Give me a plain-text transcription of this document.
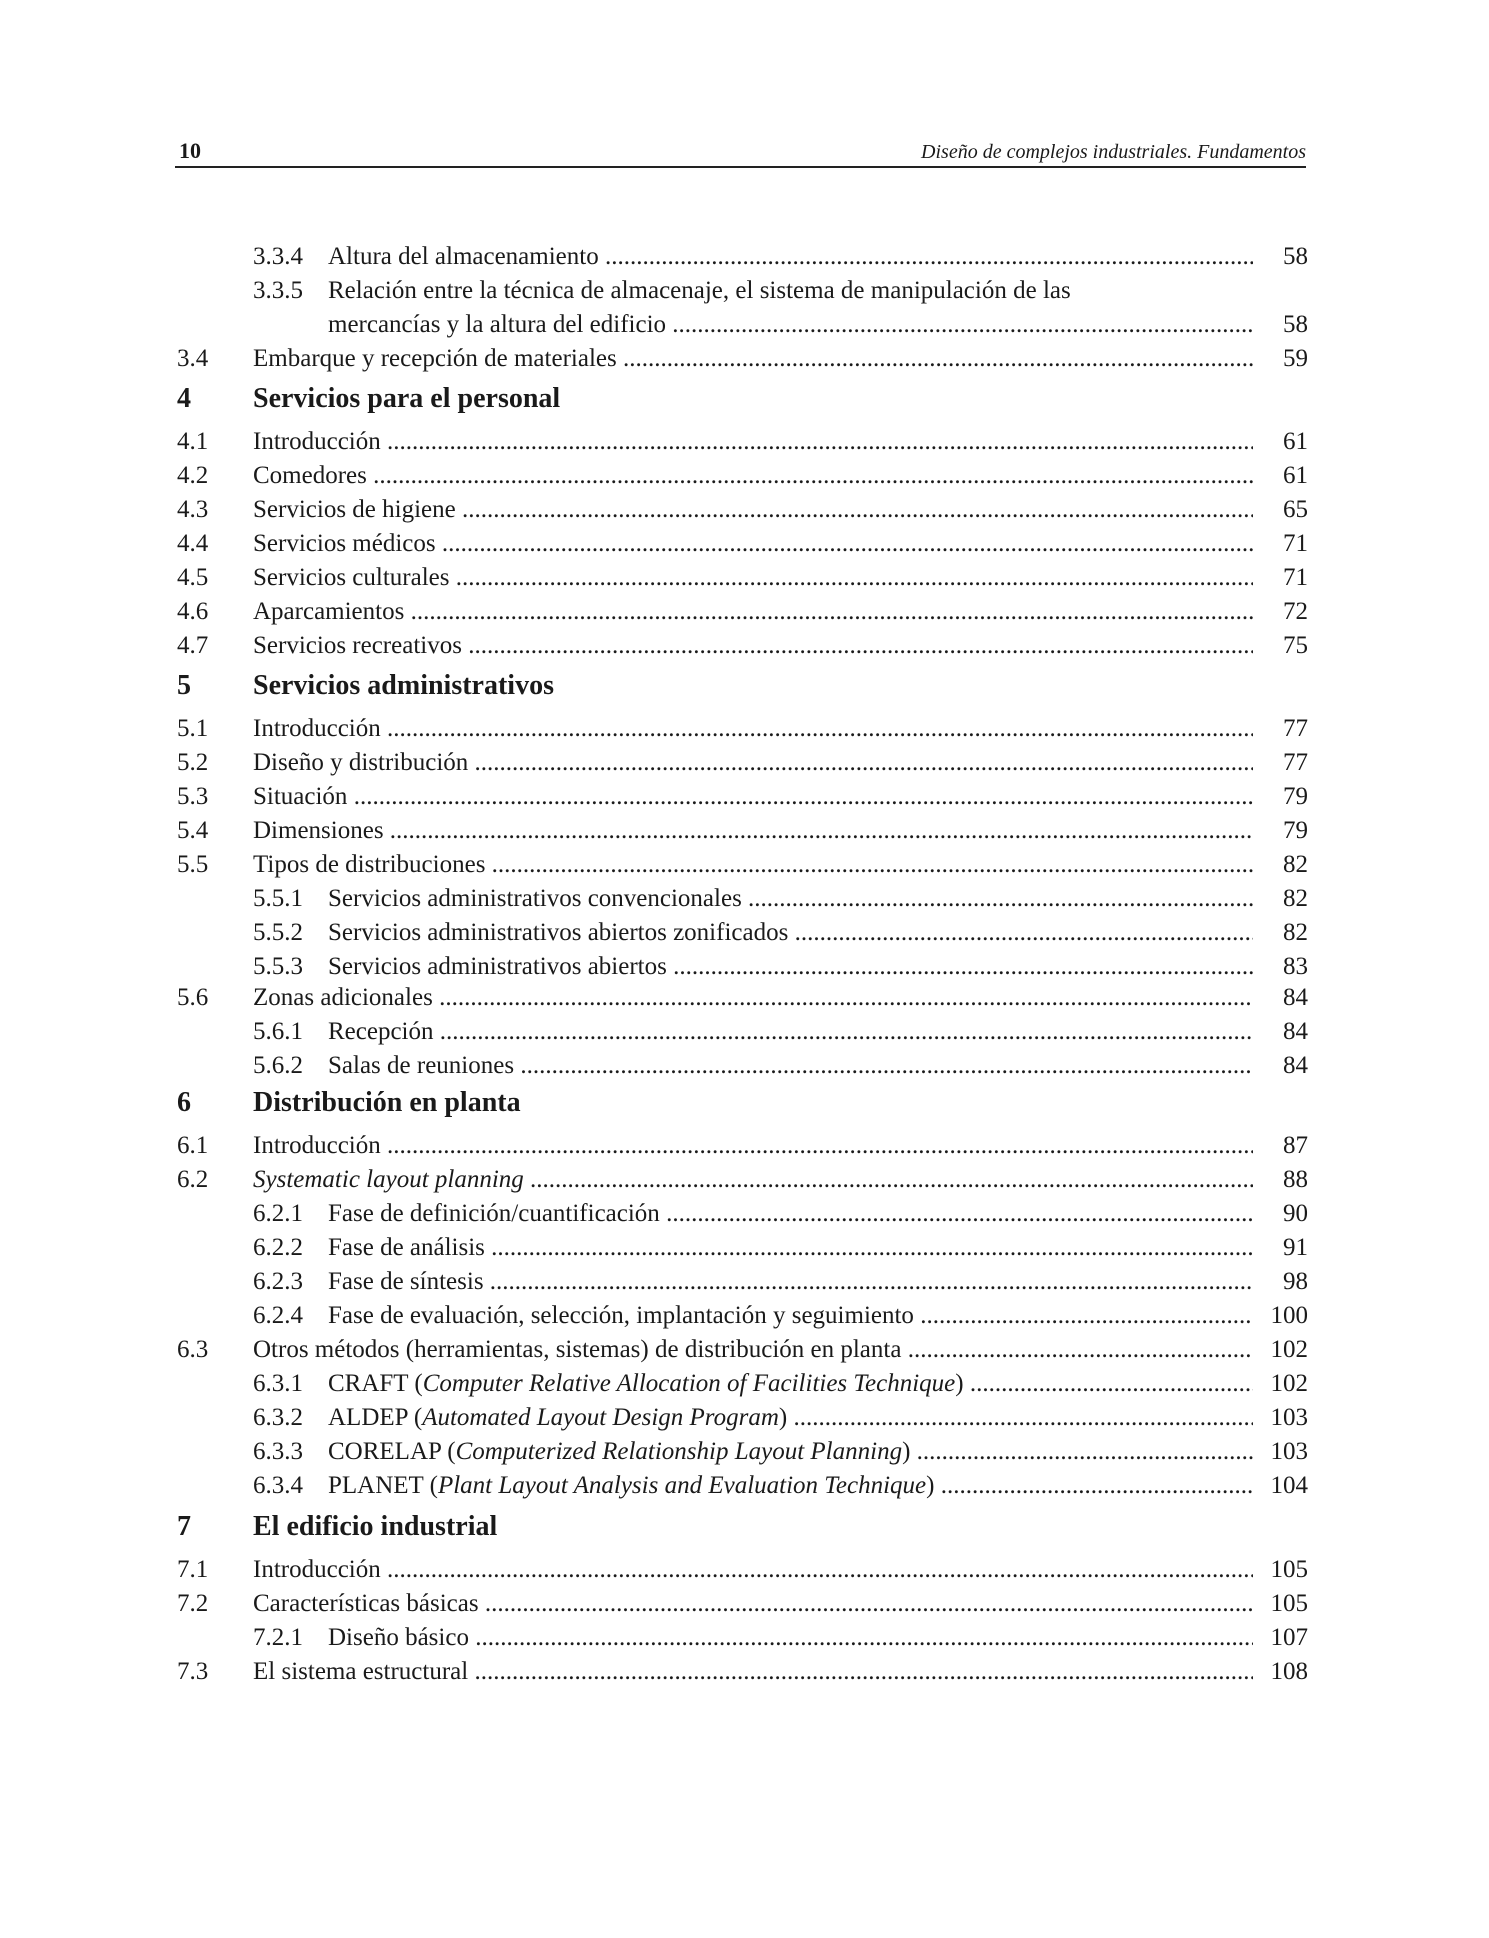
10	Diseño de complejos industriales. Fundamentos
3.3.4 Altura del almacenamiento .....	58
3.3.5 Relación entre la técnica de almacenaje, el sistema de manipulación de las
mercancías y la altura del edificio .....	58
3.4 Embarque y recepción de materiales .....	59
4 Servicios para el personal
4.1 Introducción .....	61
4.2 Comedores .....	61
4.3 Servicios de higiene .....	65
4.4 Servicios médicos .....	71
4.5 Servicios culturales .....	71
4.6 Aparcamientos .....	72
4.7 Servicios recreativos .....	75
5 Servicios administrativos
5.1 Introducción .....	77
5.2 Diseño y distribución .....	77
5.3 Situación .....	79
5.4 Dimensiones .....	79
5.5 Tipos de distribuciones .....	82
5.5.1 Servicios administrativos convencionales .....	82
5.5.2 Servicios administrativos abiertos zonificados .....	82
5.5.3 Servicios administrativos abiertos .....	83
5.6 Zonas adicionales .....	84
5.6.1 Recepción .....	84
5.6.2 Salas de reuniones .....	84
6 Distribución en planta
6.1 Introducción .....	87
6.2 Systematic layout planning .....	88
6.2.1 Fase de definición/cuantificación .....	90
6.2.2 Fase de análisis .....	91
6.2.3 Fase de síntesis .....	98
6.2.4 Fase de evaluación, selección, implantación y seguimiento .....	100
6.3 Otros métodos (herramientas, sistemas) de distribución en planta .....	102
6.3.1 CRAFT (Computer Relative Allocation of Facilities Technique) .....	102
6.3.2 ALDEP (Automated Layout Design Program) .....	103
6.3.3 CORELAP (Computerized Relationship Layout Planning) .....	103
6.3.4 PLANET (Plant Layout Analysis and Evaluation Technique) .....	104
7 El edificio industrial
7.1 Introducción .....	105
7.2 Características básicas .....	105
7.2.1 Diseño básico .....	107
7.3 El sistema estructural .....	108
